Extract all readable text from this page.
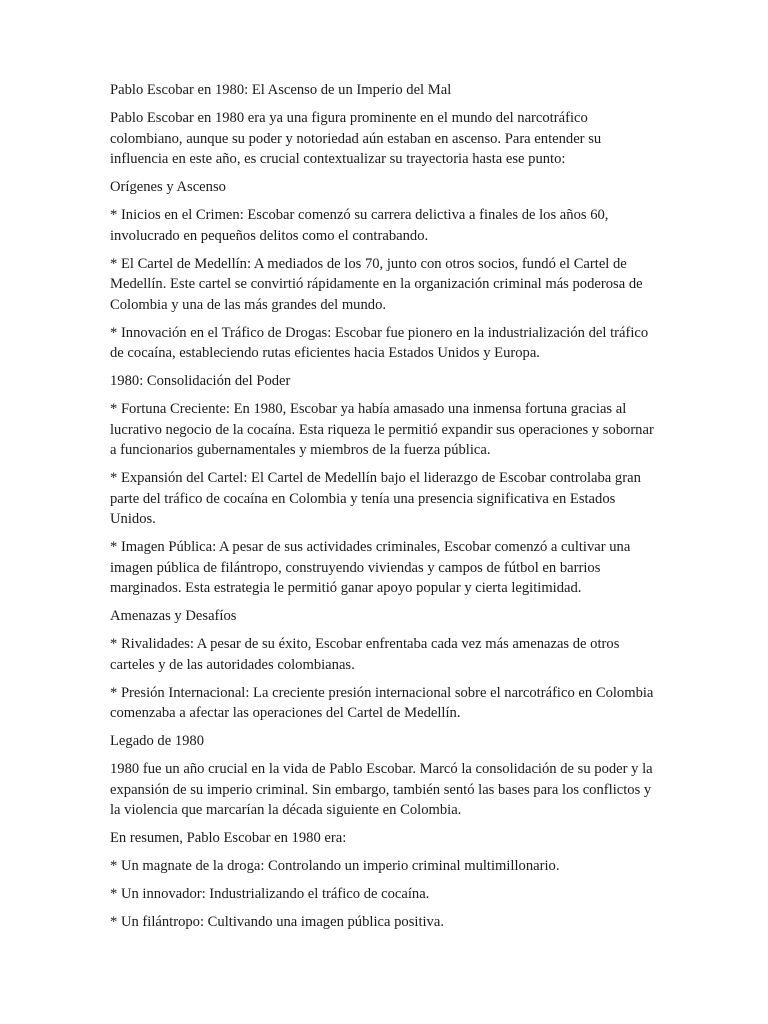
Pablo Escobar en 1980: El Ascenso de un Imperio del Mal

Pablo Escobar en 1980 era ya una figura prominente en el mundo del narcotráfico colombiano, aunque su poder y notoriedad aún estaban en ascenso. Para entender su influencia en este año, es crucial contextualizar su trayectoria hasta ese punto:

Orígenes y Ascenso

* Inicios en el Crimen: Escobar comenzó su carrera delictiva a finales de los años 60, involucrado en pequeños delitos como el contrabando.

* El Cartel de Medellín: A mediados de los 70, junto con otros socios, fundó el Cartel de Medellín. Este cartel se convirtió rápidamente en la organización criminal más poderosa de Colombia y una de las más grandes del mundo.

* Innovación en el Tráfico de Drogas: Escobar fue pionero en la industrialización del tráfico de cocaína, estableciendo rutas eficientes hacia Estados Unidos y Europa.

1980: Consolidación del Poder

* Fortuna Creciente: En 1980, Escobar ya había amasado una inmensa fortuna gracias al lucrativo negocio de la cocaína. Esta riqueza le permitió expandir sus operaciones y sobornar a funcionarios gubernamentales y miembros de la fuerza pública.

* Expansión del Cartel: El Cartel de Medellín bajo el liderazgo de Escobar controlaba gran parte del tráfico de cocaína en Colombia y tenía una presencia significativa en Estados Unidos.

* Imagen Pública: A pesar de sus actividades criminales, Escobar comenzó a cultivar una imagen pública de filántropo, construyendo viviendas y campos de fútbol en barrios marginados. Esta estrategia le permitió ganar apoyo popular y cierta legitimidad.

Amenazas y Desafíos

* Rivalidades: A pesar de su éxito, Escobar enfrentaba cada vez más amenazas de otros carteles y de las autoridades colombianas.

* Presión Internacional: La creciente presión internacional sobre el narcotráfico en Colombia comenzaba a afectar las operaciones del Cartel de Medellín.

Legado de 1980

1980 fue un año crucial en la vida de Pablo Escobar. Marcó la consolidación de su poder y la expansión de su imperio criminal. Sin embargo, también sentó las bases para los conflictos y la violencia que marcarían la década siguiente en Colombia.

En resumen, Pablo Escobar en 1980 era:

* Un magnate de la droga: Controlando un imperio criminal multimillonario.

* Un innovador: Industrializando el tráfico de cocaína.

* Un filántropo: Cultivando una imagen pública positiva.
